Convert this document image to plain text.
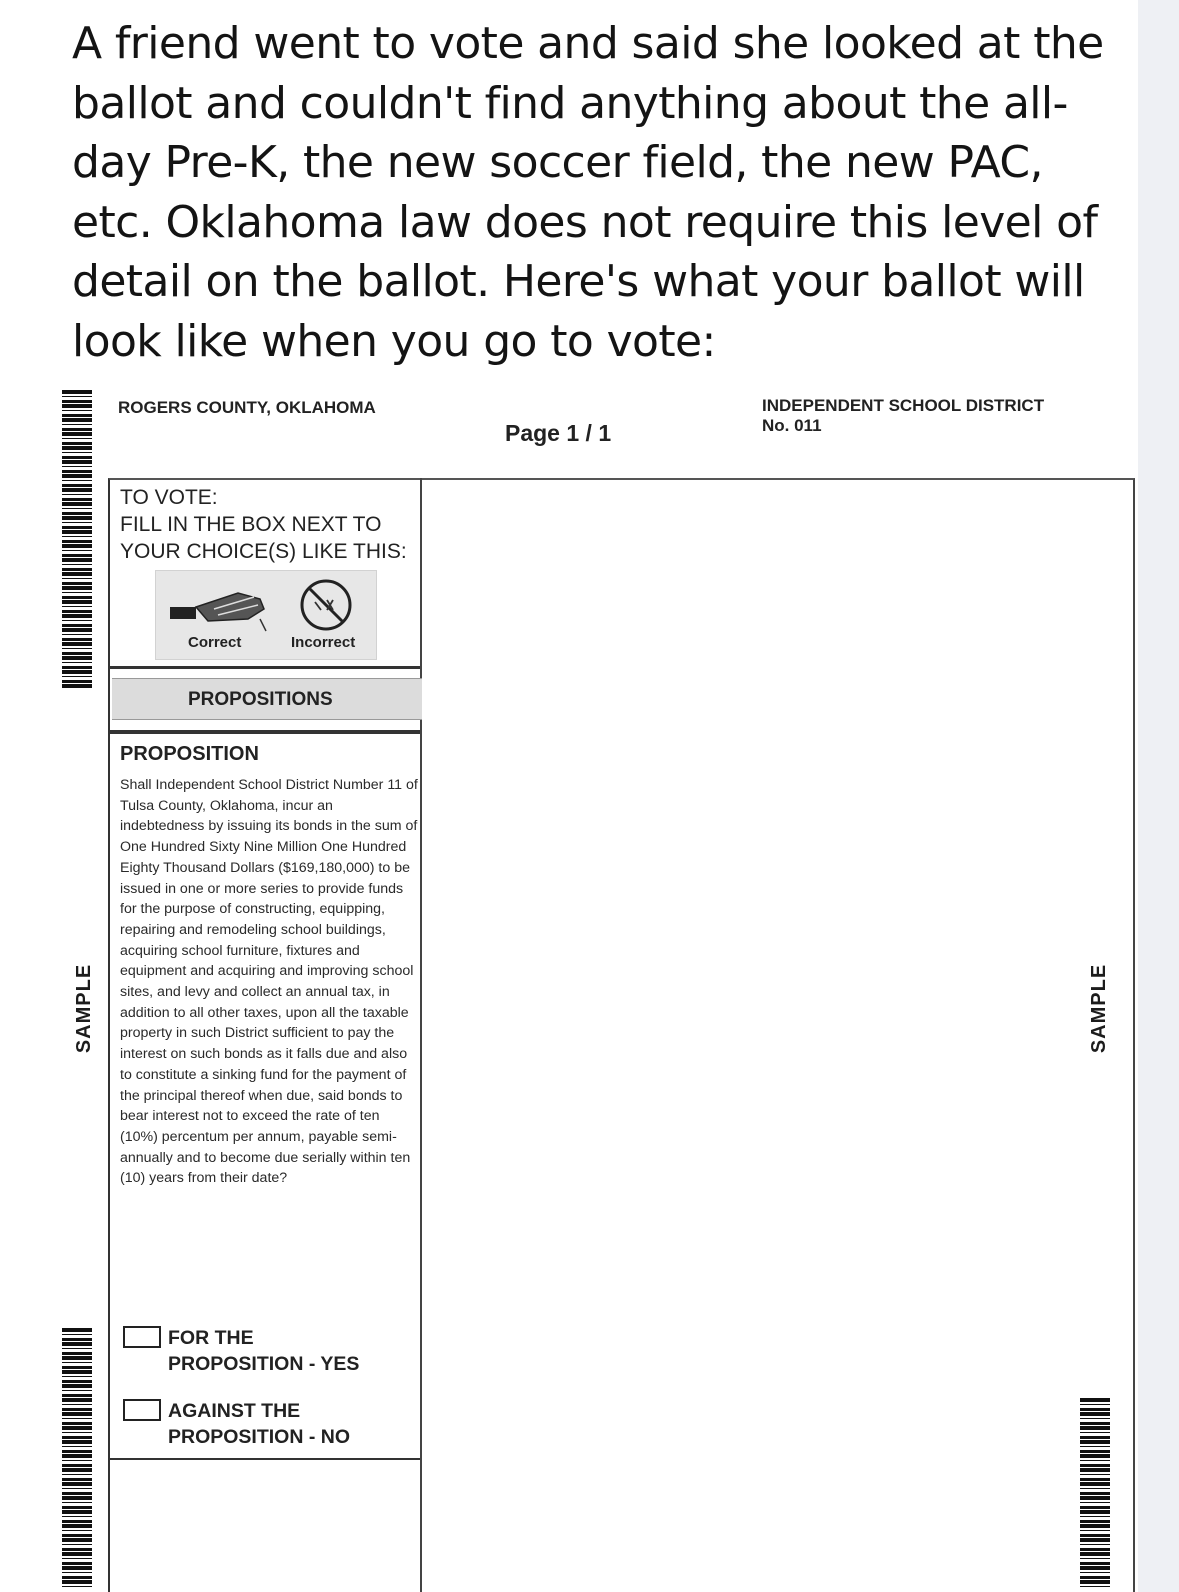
A friend went to vote and said she looked at the ballot and couldn't find anything about the all-day Pre-K, the new soccer field, the new PAC, etc. Oklahoma law does not require this level of detail on the ballot. Here's what your ballot will look like when you go to vote:
ROGERS COUNTY, OKLAHOMA
Page 1 / 1
INDEPENDENT SCHOOL DISTRICT
No. 011
SAMPLE	SAMPLE
TO VOTE:
FILL IN THE BOX NEXT TO
YOUR CHOICE(S) LIKE THIS:
Correct	Incorrect
PROPOSITIONS
PROPOSITION
Shall Independent School District Number 11 of Tulsa County, Oklahoma, incur an indebtedness by issuing its bonds in the sum of One Hundred Sixty Nine Million One Hundred Eighty Thousand Dollars ($169,180,000) to be issued in one or more series to provide funds for the purpose of constructing, equipping, repairing and remodeling school buildings, acquiring school furniture, fixtures and equipment and acquiring and improving school sites, and levy and collect an annual tax, in addition to all other taxes, upon all the taxable property in such District sufficient to pay the interest on such bonds as it falls due and also to constitute a sinking fund for the payment of the principal thereof when due, said bonds to bear interest not to exceed the rate of ten (10%) percentum per annum, payable semi-annually and to become due serially within ten (10) years from their date?
FOR THE
PROPOSITION - YES
AGAINST THE
PROPOSITION - NO
